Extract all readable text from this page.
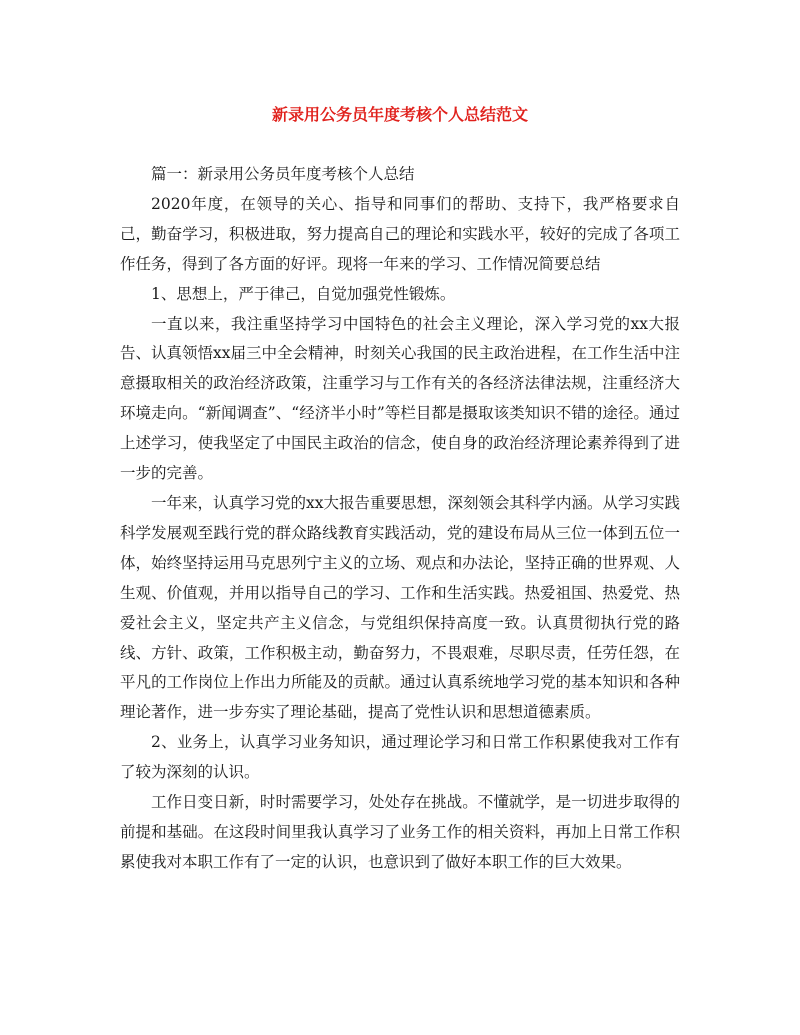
新录用公务员年度考核个人总结范文

篇一：新录用公务员年度考核个人总结

2020年度，在领导的关心、指导和同事们的帮助、支持下，我严格要求自己，勤奋学习，积极进取，努力提高自己的理论和实践水平，较好的完成了各项工作任务，得到了各方面的好评。现将一年来的学习、工作情况简要总结

1、思想上，严于律己，自觉加强党性锻炼。

一直以来，我注重坚持学习中国特色的社会主义理论，深入学习党的xx大报告、认真领悟xx届三中全会精神，时刻关心我国的民主政治进程，在工作生活中注意摄取相关的政治经济政策，注重学习与工作有关的各经济法律法规，注重经济大环境走向。“新闻调查”、“经济半小时”等栏目都是摄取该类知识不错的途径。通过上述学习，使我坚定了中国民主政治的信念，使自身的政治经济理论素养得到了进一步的完善。

一年来，认真学习党的xx大报告重要思想，深刻领会其科学内涵。从学习实践科学发展观至践行党的群众路线教育实践活动，党的建设布局从三位一体到五位一体，始终坚持运用马克思列宁主义的立场、观点和办法论，坚持正确的世界观、人生观、价值观，并用以指导自己的学习、工作和生活实践。热爱祖国、热爱党、热爱社会主义，坚定共产主义信念，与党组织保持高度一致。认真贯彻执行党的路线、方针、政策，工作积极主动，勤奋努力，不畏艰难，尽职尽责，任劳任怨，在平凡的工作岗位上作出力所能及的贡献。通过认真系统地学习党的基本知识和各种理论著作，进一步夯实了理论基础，提高了党性认识和思想道德素质。

2、业务上，认真学习业务知识，通过理论学习和日常工作积累使我对工作有了较为深刻的认识。

工作日变日新，时时需要学习，处处存在挑战。不懂就学，是一切进步取得的前提和基础。在这段时间里我认真学习了业务工作的相关资料，再加上日常工作积累使我对本职工作有了一定的认识，也意识到了做好本职工作的巨大效果。
